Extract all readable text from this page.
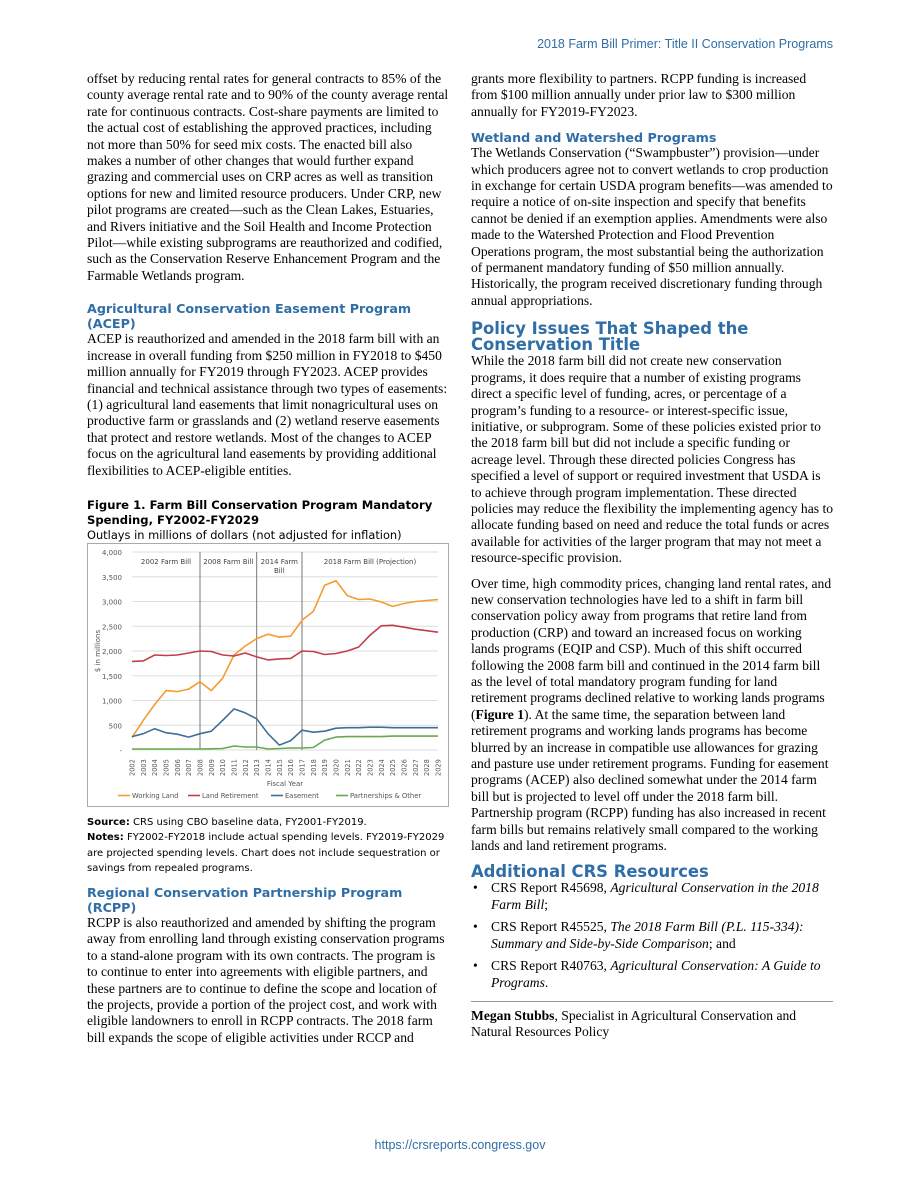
2018 Farm Bill Primer: Title II Conservation Programs

offset by reducing rental rates for general contracts to 85% of the county average rental rate and to 90% of the county average rental rate for continuous contracts. Cost-share payments are limited to the actual cost of establishing the approved practices, including not more than 50% for seed mix costs. The enacted bill also makes a number of other changes that would further expand grazing and commercial uses on CRP acres as well as transition options for new and limited resource producers. Under CRP, new pilot programs are created—such as the Clean Lakes, Estuaries, and Rivers initiative and the Soil Health and Income Protection Pilot—while existing subprograms are reauthorized and codified, such as the Conservation Reserve Enhancement Program and the Farmable Wetlands program.

Agricultural Conservation Easement Program (ACEP)

ACEP is reauthorized and amended in the 2018 farm bill with an increase in overall funding from $250 million in FY2018 to $450 million annually for FY2019 through FY2023. ACEP provides financial and technical assistance through two types of easements: (1) agricultural land easements that limit nonagricultural uses on productive farm or grasslands and (2) wetland reserve easements that protect and restore wetlands. Most of the changes to ACEP focus on the agricultural land easements by providing additional flexibilities to ACEP-eligible entities.

Figure 1. Farm Bill Conservation Program Mandatory Spending, FY2002-FY2029

Outlays in millions of dollars (not adjusted for inflation)

-
500
1,000
1,500
2,000
2,500
3,000
3,500
4,000
$ in millions
2002 Farm Bill 2008 Farm Bill 2014 Farm Bill
2018 Farm Bill (Projection)
2002 2003 2004 2005 2006 2007 2008 2009 2010 2011 2012 2013 2014 2015 2016 2017 2018 2019 2020 2021 2022 2023 2024 2025 2026 2027 2028 2029
Fiscal Year
Working Land	Land Retirement	Easement	Partnerships & Other

Source: CRS using CBO baseline data, FY2001-FY2019.

Notes: FY2002-FY2018 include actual spending levels. FY2019-FY2029 are projected spending levels. Chart does not include sequestration or savings from repealed programs.

Regional Conservation Partnership Program (RCPP)

RCPP is also reauthorized and amended by shifting the program away from enrolling land through existing conservation programs to a stand-alone program with its own contracts. The program is to continue to enter into agreements with eligible partners, and these partners are to continue to define the scope and location of the projects, provide a portion of the project cost, and work with eligible landowners to enroll in RCPP contracts. The 2018 farm bill expands the scope of eligible activities under RCCP and

grants more flexibility to partners. RCPP funding is increased from $100 million annually under prior law to $300 million annually for FY2019-FY2023.

Wetland and Watershed Programs

The Wetlands Conservation (“Swampbuster”) provision—under which producers agree not to convert wetlands to crop production in exchange for certain USDA program benefits—was amended to require a notice of on-site inspection and specify that benefits cannot be denied if an exemption applies. Amendments were also made to the Watershed Protection and Flood Prevention Operations program, the most substantial being the authorization of permanent mandatory funding of $50 million annually. Historically, the program received discretionary funding through annual appropriations.

Policy Issues That Shaped the Conservation Title

While the 2018 farm bill did not create new conservation programs, it does require that a number of existing programs direct a specific level of funding, acres, or percentage of a program’s funding to a resource- or interest-specific issue, initiative, or subprogram. Some of these policies existed prior to the 2018 farm bill but did not include a specific funding or acreage level. Through these directed policies Congress has specified a level of support or required investment that USDA is to achieve through program implementation. These directed policies may reduce the flexibility the implementing agency has to allocate funding based on need and reduce the total funds or acres available for activities of the larger program that may not meet a resource-specific provision.

Over time, high commodity prices, changing land rental rates, and new conservation technologies have led to a shift in farm bill conservation policy away from programs that retire land from production (CRP) and toward an increased focus on working lands programs (EQIP and CSP). Much of this shift occurred following the 2008 farm bill and continued in the 2014 farm bill as the level of total mandatory program funding for land retirement programs declined relative to working lands programs (Figure 1). At the same time, the separation between land retirement programs and working lands programs has become blurred by an increase in compatible use allowances for grazing and pasture use under retirement programs. Funding for easement programs (ACEP) also declined somewhat under the 2014 farm bill but is projected to level off under the 2018 farm bill. Partnership program (RCPP) funding has also increased in recent farm bills but remains relatively small compared to the working lands and land retirement programs.

Additional CRS Resources

• CRS Report R45698, Agricultural Conservation in the 2018 Farm Bill;
• CRS Report R45525, The 2018 Farm Bill (P.L. 115-334): Summary and Side-by-Side Comparison; and
• CRS Report R40763, Agricultural Conservation: A Guide to Programs.

Megan Stubbs, Specialist in Agricultural Conservation and Natural Resources Policy

https://crsreports.congress.gov
